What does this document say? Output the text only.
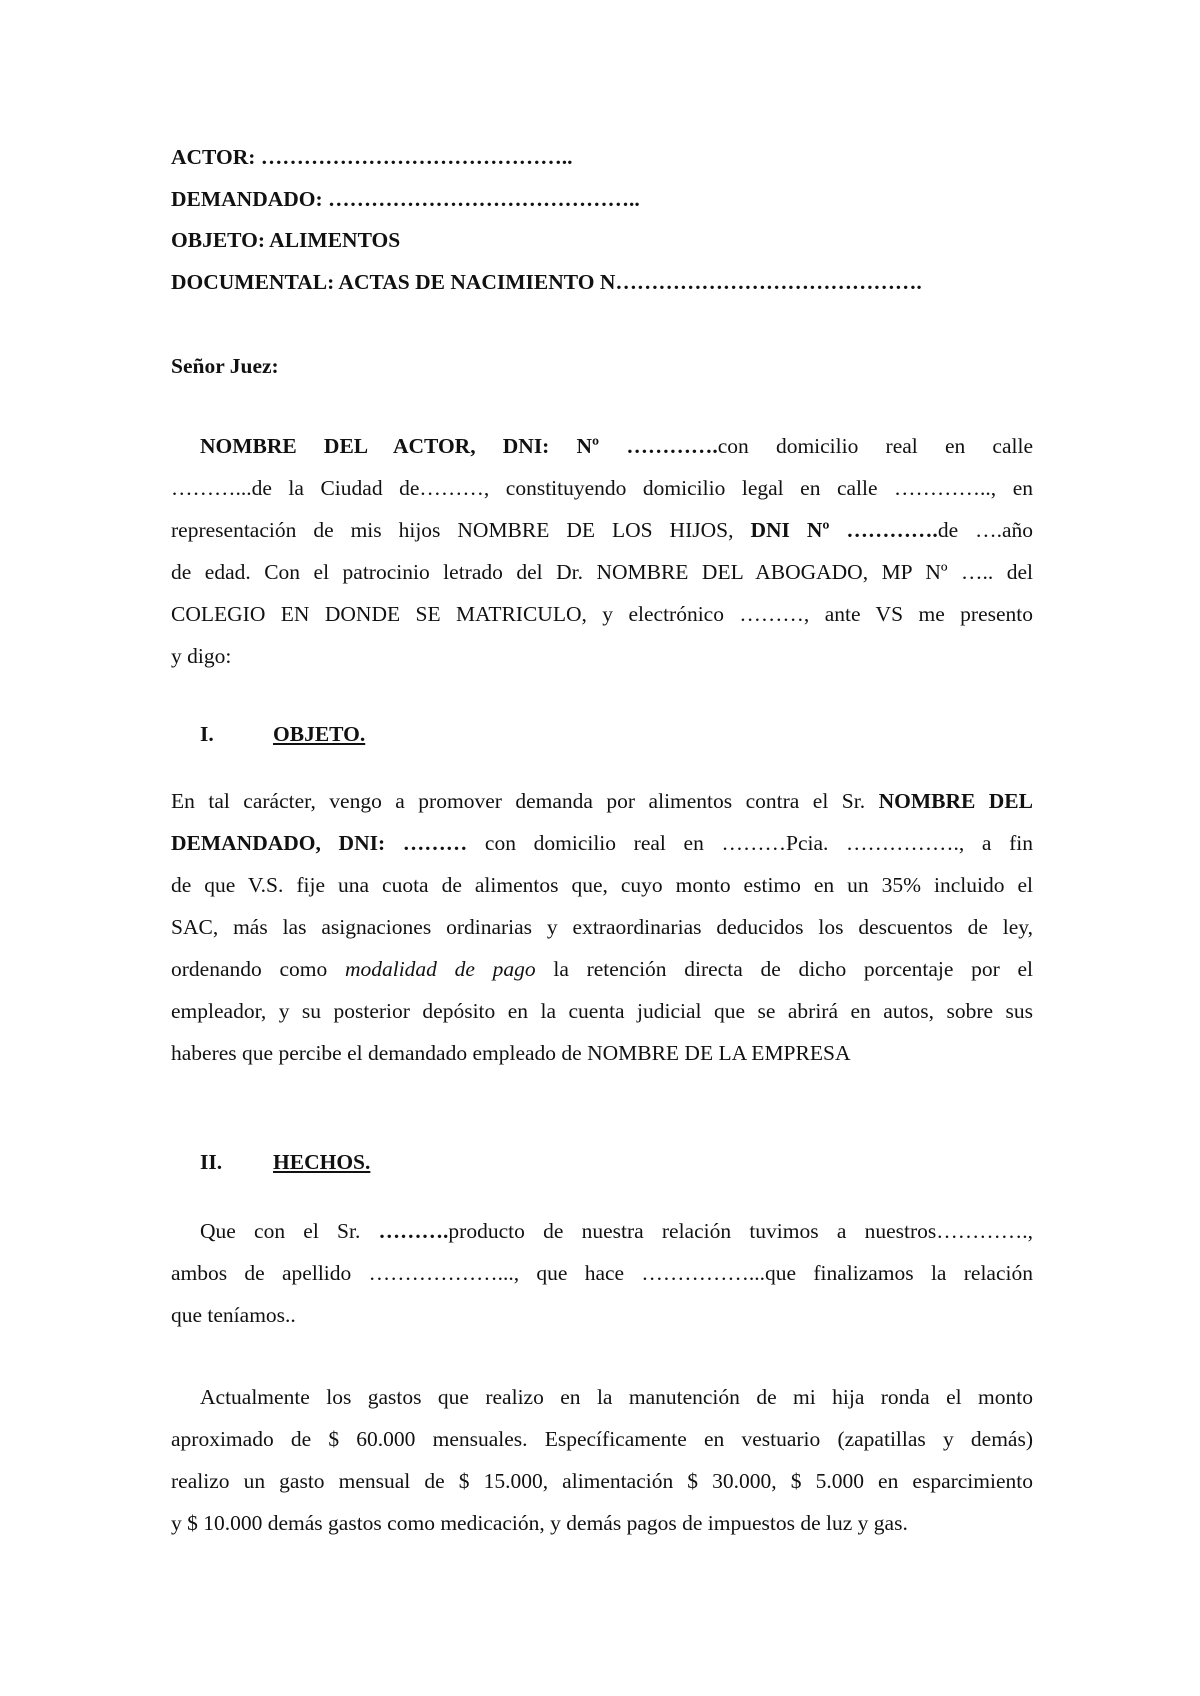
ACTOR: ……………………………………..
DEMANDADO: ……………………………………..
OBJETO: ALIMENTOS
DOCUMENTAL: ACTAS DE NACIMIENTO N…………………………………….
Señor Juez:
NOMBRE DEL ACTOR, DNI: Nº ………….con domicilio real en calle
………...de la Ciudad de………, constituyendo domicilio legal en calle ………….., en
representación de mis hijos NOMBRE DE LOS HIJOS, DNI Nº ………….de ….año
de edad. Con el patrocinio letrado del Dr. NOMBRE DEL ABOGADO, MP Nº ….. del
COLEGIO EN DONDE SE MATRICULO, y electrónico ………, ante VS me presento
y digo:
I.	OBJETO.
En tal carácter, vengo a promover demanda por alimentos contra el Sr. NOMBRE DEL
DEMANDADO, DNI: ……… con domicilio real en ………Pcia. ……………., a fin
de que V.S. fije una cuota de alimentos que, cuyo monto estimo en un 35% incluido el
SAC, más las asignaciones ordinarias y extraordinarias deducidos los descuentos de ley,
ordenando como modalidad de pago la retención directa de dicho porcentaje por el
empleador, y su posterior depósito en la cuenta judicial que se abrirá en autos, sobre sus
haberes que percibe el demandado empleado de NOMBRE DE LA EMPRESA
II. HECHOS.
Que con el Sr. ……….producto de nuestra relación tuvimos a nuestros………….,
ambos de apellido ………………..., que hace ……………...que finalizamos la relación
que teníamos..
Actualmente los gastos que realizo en la manutención de mi hija ronda el monto
aproximado de $ 60.000 mensuales. Específicamente en vestuario (zapatillas y demás)
realizo un gasto mensual de $ 15.000, alimentación $ 30.000, $ 5.000 en esparcimiento
y $ 10.000 demás gastos como medicación, y demás pagos de impuestos de luz y gas.
